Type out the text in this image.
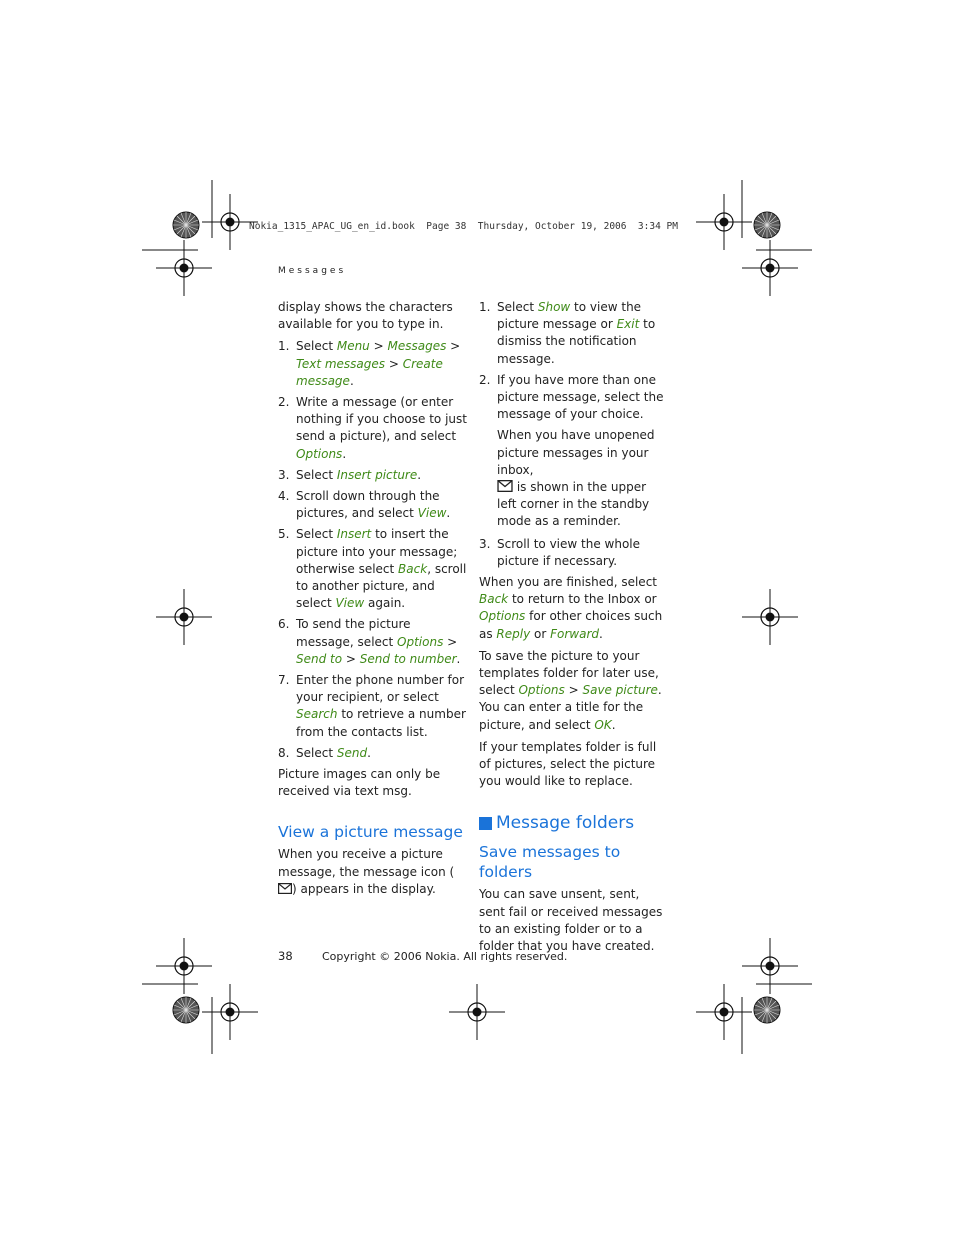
Nokia_1315_APAC_UG_en_id.book  Page 38  Thursday, October 19, 2006  3:34 PM
Messages

display shows the characters available for you to type in.

1. Select Menu > Messages > Text messages > Create message.
2. Write a message (or enter nothing if you choose to just send a picture), and select Options.
3. Select Insert picture.
4. Scroll down through the pictures, and select View.
5. Select Insert to insert the picture into your message; otherwise select Back, scroll to another picture, and select View again.
6. To send the picture message, select Options > Send to > Send to number.
7. Enter the phone number for your recipient, or select Search to retrieve a number from the contacts list.
8. Select Send.

Picture images can only be received via text msg.

View a picture message

When you receive a picture message, the message icon () appears in the display.

1. Select Show to view the picture message or Exit to dismiss the notification message.
2. If you have more than one picture message, select the message of your choice.

When you have unopened picture messages in your inbox,
is shown in the upper left corner in the standby mode as a reminder.

3. Scroll to view the whole picture if necessary.

When you are finished, select Back to return to the Inbox or Options for other choices such as Reply or Forward.

To save the picture to your templates folder for later use, select Options > Save picture. You can enter a title for the picture, and select OK.

If your templates folder is full of pictures, select the picture you would like to replace.

Message folders
Save messages to folders

You can save unsent, sent, sent fail or received messages to an existing folder or to a folder that you have created.

38	Copyright © 2006 Nokia. All rights reserved.
